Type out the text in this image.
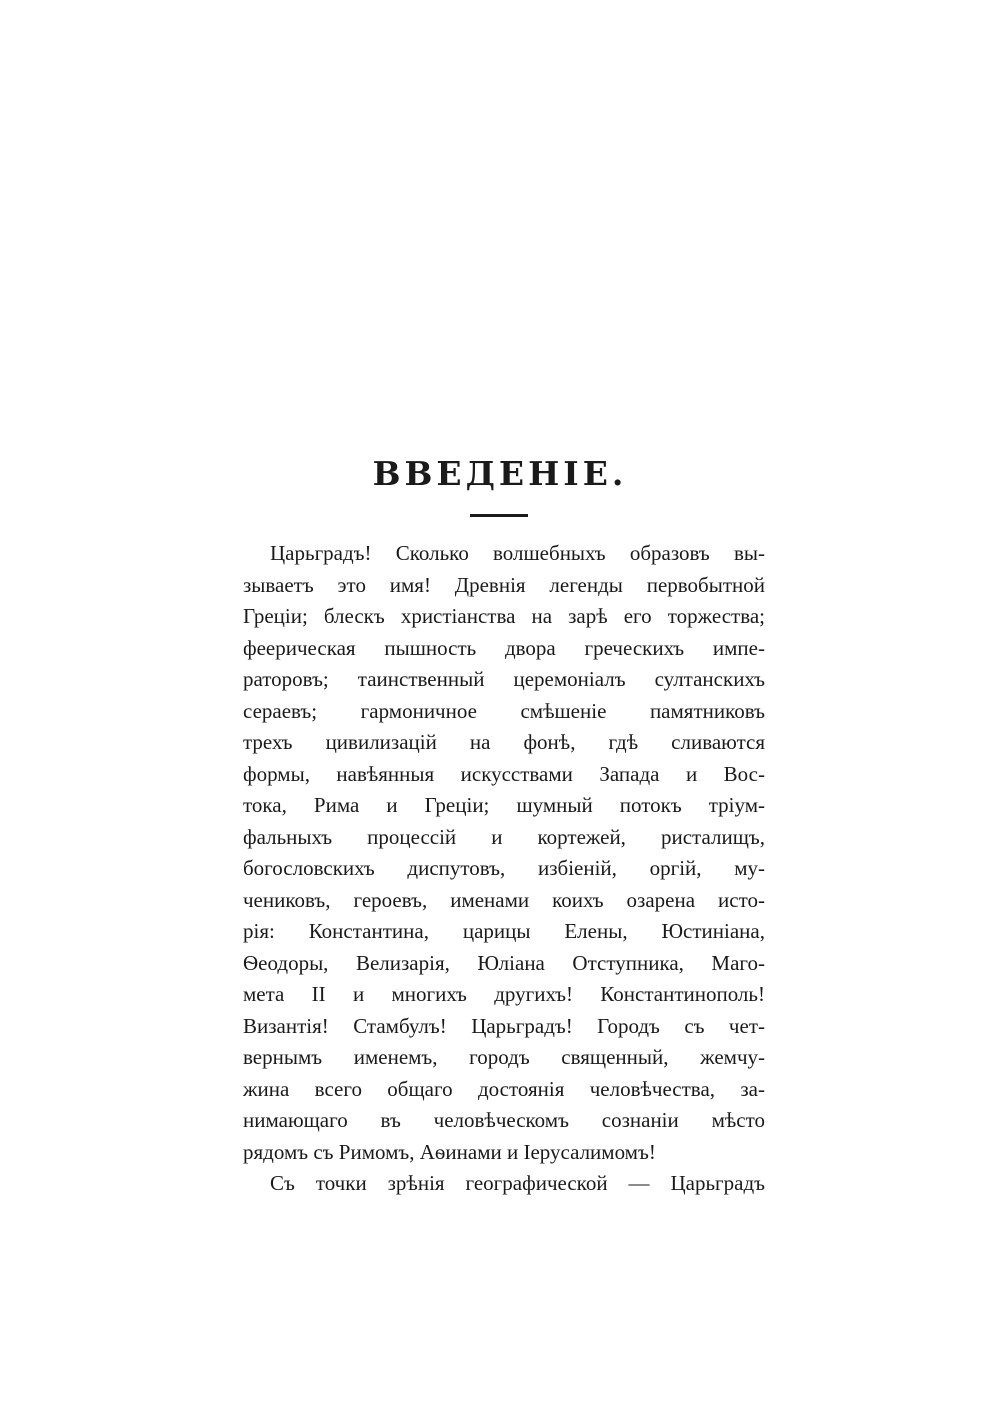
ВВЕДЕНІЕ.
Царьградъ! Сколько волшебныхъ образовъ вы-
зываетъ это имя! Древнія легенды первобытной
Греціи; блескъ христіанства на зарѣ его торжества;
феерическая пышность двора греческихъ импе-
раторовъ; таинственный церемоніалъ султанскихъ
сераевъ; гармоничное смѣшеніе памятниковъ
трехъ цивилизацій на фонѣ, гдѣ сливаются
формы, навѣянныя искусствами Запада и Вос-
тока, Рима и Греціи; шумный потокъ тріум-
фальныхъ процессій и кортежей, ристалищъ,
богословскихъ диспутовъ, избіеній, оргій, му-
чениковъ, героевъ, именами коихъ озарена исто-
рія: Константина, царицы Елены, Юстиніана,
Ѳеодоры, Велизарія, Юліана Отступника, Маго-
мета II и многихъ другихъ! Константинополь!
Византія! Стамбулъ! Царьградъ! Городъ съ чет-
вернымъ именемъ, городъ священный, жемчу-
жина всего общаго достоянія человѣчества, за-
нимающаго въ человѣческомъ сознаніи мѣсто
рядомъ съ Римомъ, Аѳинами и Іерусалимомъ!
Съ точки зрѣнія географической — Царьградъ
